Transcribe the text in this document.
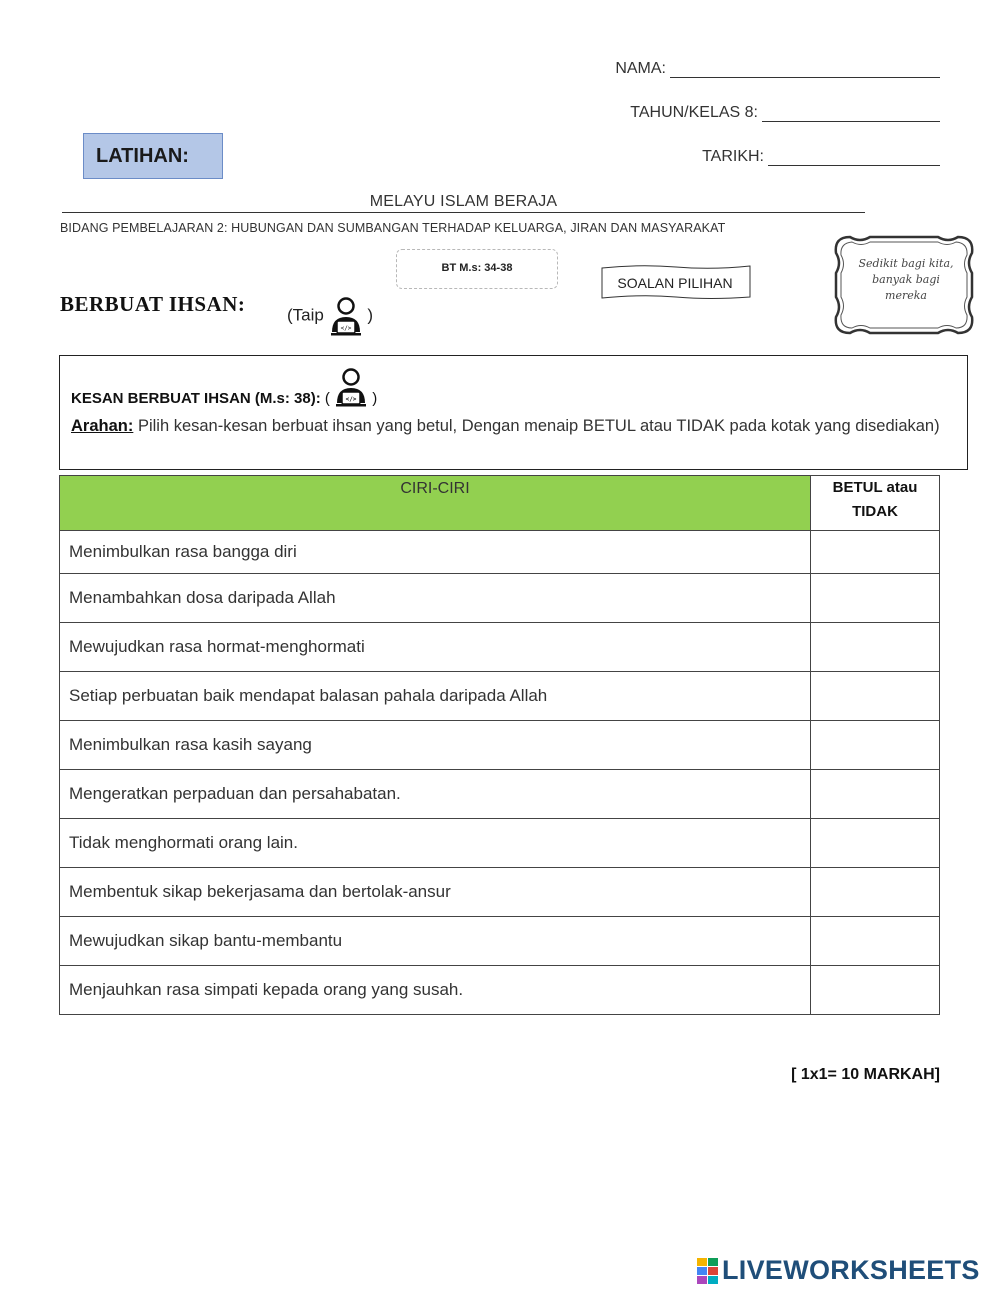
NAMA:
TAHUN/KELAS 8:
TARIKH:
LATIHAN:
MELAYU ISLAM BERAJA
BIDANG PEMBELAJARAN 2: HUBUNGAN DAN SUMBANGAN TERHADAP KELUARGA, JIRAN DAN MASYARAKAT
BT M.s: 34-38
SOALAN PILIHAN
Sedikit bagi kita,
banyak bagi
mereka
BERBUAT IHSAN: (Taip
</>
)
KESAN BERBUAT IHSAN (M.s: 38): (	</> )
Arahan: Pilih kesan-kesan berbuat ihsan yang betul, Dengan menaip BETUL atau TIDAK pada kotak yang disediakan)
CIRI-CIRI	BETUL atau
TIDAK

Menimbulkan rasa bangga diri	
Menambahkan dosa daripada Allah	
Mewujudkan rasa hormat-menghormati	
Setiap perbuatan baik mendapat balasan pahala daripada Allah	
Menimbulkan rasa kasih sayang	
Mengeratkan perpaduan dan persahabatan.	
Tidak menghormati orang lain.	
Membentuk sikap bekerjasama dan bertolak-ansur	
Mewujudkan sikap bantu-membantu	
Menjauhkan rasa simpati kepada orang yang susah.	
[ 1x1= 10 MARKAH]
LIVEWORKSHEETS
